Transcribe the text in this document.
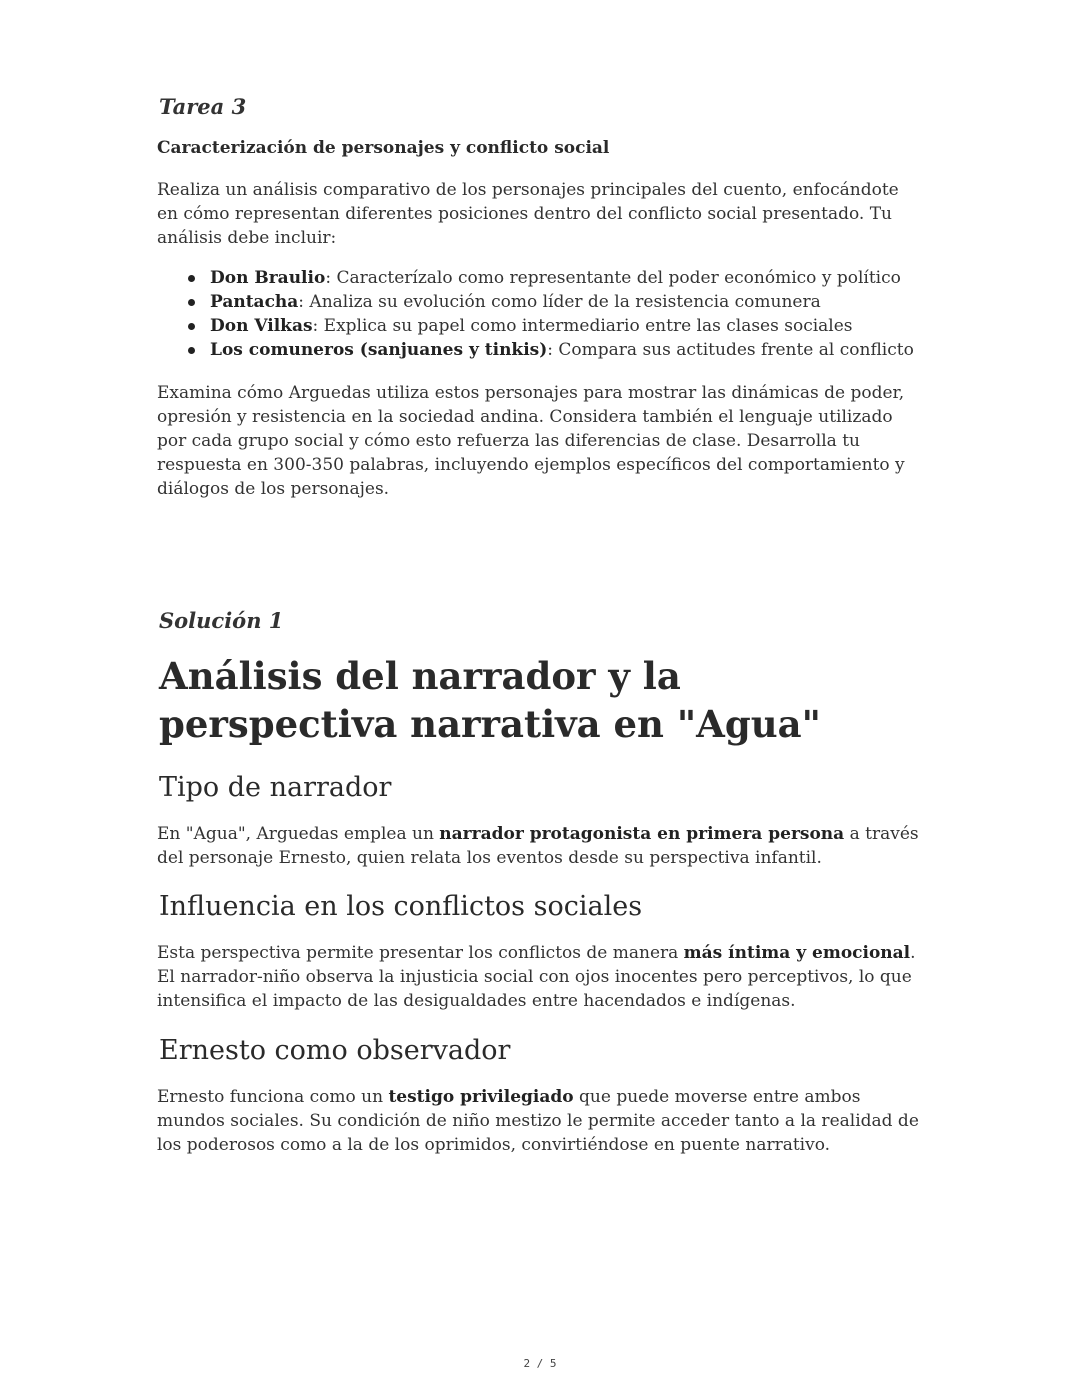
Tarea 3

Caracterización de personajes y conflicto social

Realiza un análisis comparativo de los personajes principales del cuento, enfocándote en cómo representan diferentes posiciones dentro del conflicto social presentado. Tu análisis debe incluir:

Don Braulio: Caracterízalo como representante del poder económico y político
Pantacha: Analiza su evolución como líder de la resistencia comunera
Don Vilkas: Explica su papel como intermediario entre las clases sociales
Los comuneros (sanjuanes y tinkis): Compara sus actitudes frente al conflicto

Examina cómo Arguedas utiliza estos personajes para mostrar las dinámicas de poder, opresión y resistencia en la sociedad andina. Considera también el lenguaje utilizado por cada grupo social y cómo esto refuerza las diferencias de clase. Desarrolla tu respuesta en 300-350 palabras, incluyendo ejemplos específicos del comportamiento y diálogos de los personajes.

Solución 1

Análisis del narrador y la perspectiva narrativa en "Agua"
Tipo de narrador

En "Agua", Arguedas emplea un narrador protagonista en primera persona a través del personaje Ernesto, quien relata los eventos desde su perspectiva infantil.

Influencia en los conflictos sociales

Esta perspectiva permite presentar los conflictos de manera más íntima y emocional. El narrador-niño observa la injusticia social con ojos inocentes pero perceptivos, lo que intensifica el impacto de las desigualdades entre hacendados e indígenas.

Ernesto como observador

Ernesto funciona como un testigo privilegiado que puede moverse entre ambos mundos sociales. Su condición de niño mestizo le permite acceder tanto a la realidad de los poderosos como a la de los oprimidos, convirtiéndose en puente narrativo.

2 / 5
